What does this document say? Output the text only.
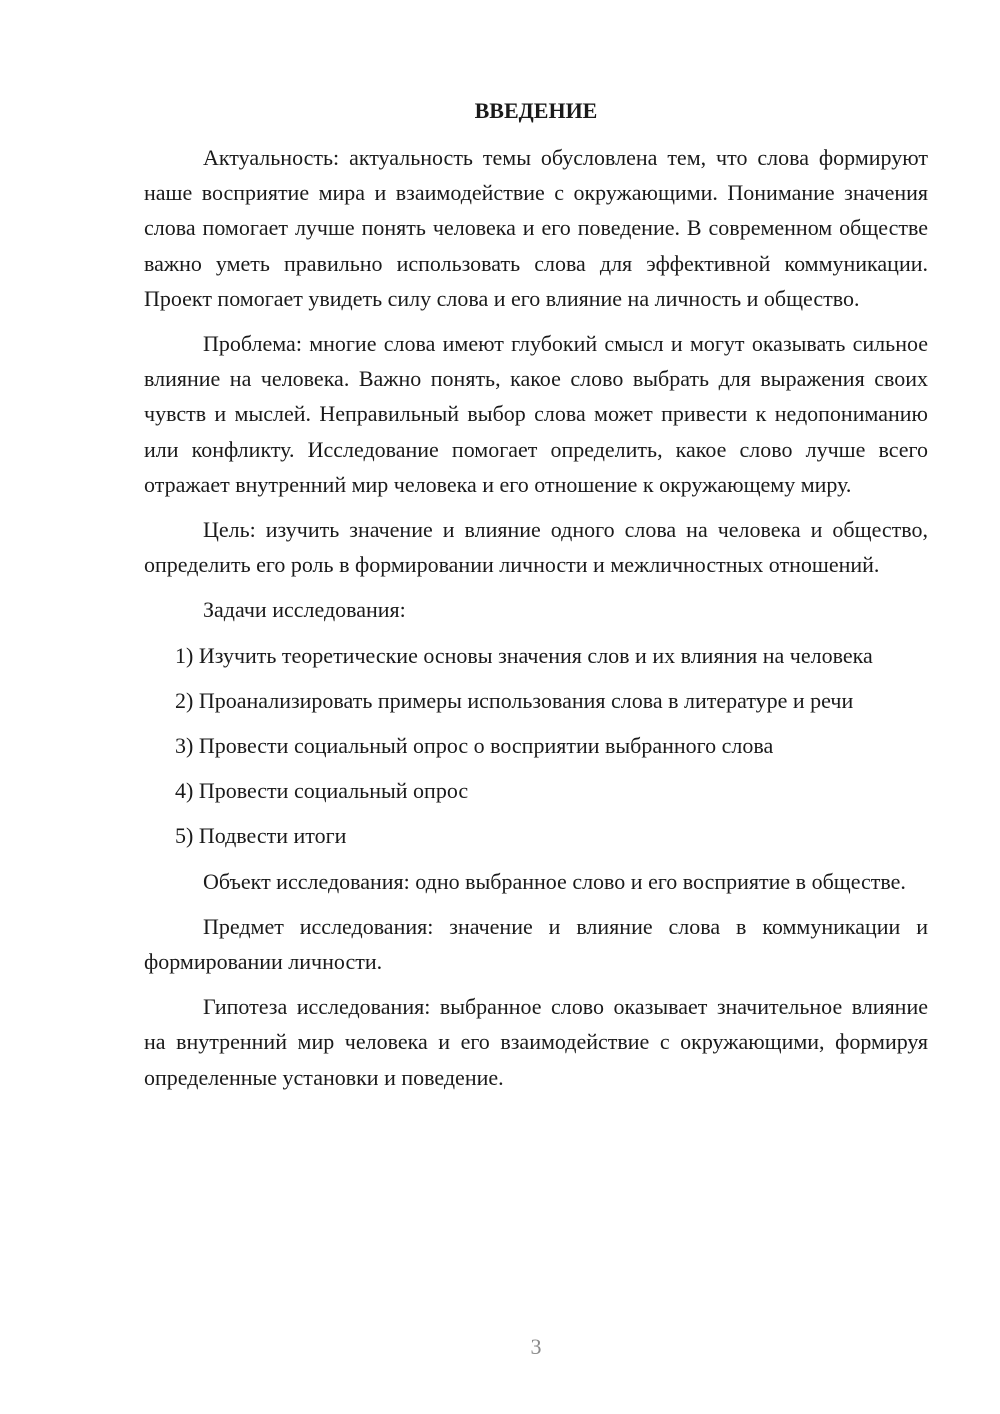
ВВЕДЕНИЕ

Актуальность: актуальность темы обусловлена тем, что слова формируют наше восприятие мира и взаимодействие с окружающими. Понимание значения слова помогает лучше понять человека и его поведение. В современном обществе важно уметь правильно использовать слова для эффективной коммуникации. Проект помогает увидеть силу слова и его влияние на личность и общество.

Проблема: многие слова имеют глубокий смысл и могут оказывать сильное влияние на человека. Важно понять, какое слово выбрать для выражения своих чувств и мыслей. Неправильный выбор слова может привести к недопониманию или конфликту. Исследование помогает определить, какое слово лучше всего отражает внутренний мир человека и его отношение к окружающему миру.

Цель: изучить значение и влияние одного слова на человека и общество, определить его роль в формировании личности и межличностных отношений.

Задачи исследования:

1) Изучить теоретические основы значения слов и их влияния на человека

2) Проанализировать примеры использования слова в литературе и речи

3) Провести социальный опрос о восприятии выбранного слова

4) Провести социальный опрос

5) Подвести итоги

Объект исследования: одно выбранное слово и его восприятие в обществе.

Предмет исследования: значение и влияние слова в коммуникации и формировании личности.

Гипотеза исследования: выбранное слово оказывает значительное влияние на внутренний мир человека и его взаимодействие с окружающими, формируя определенные установки и поведение.

3
